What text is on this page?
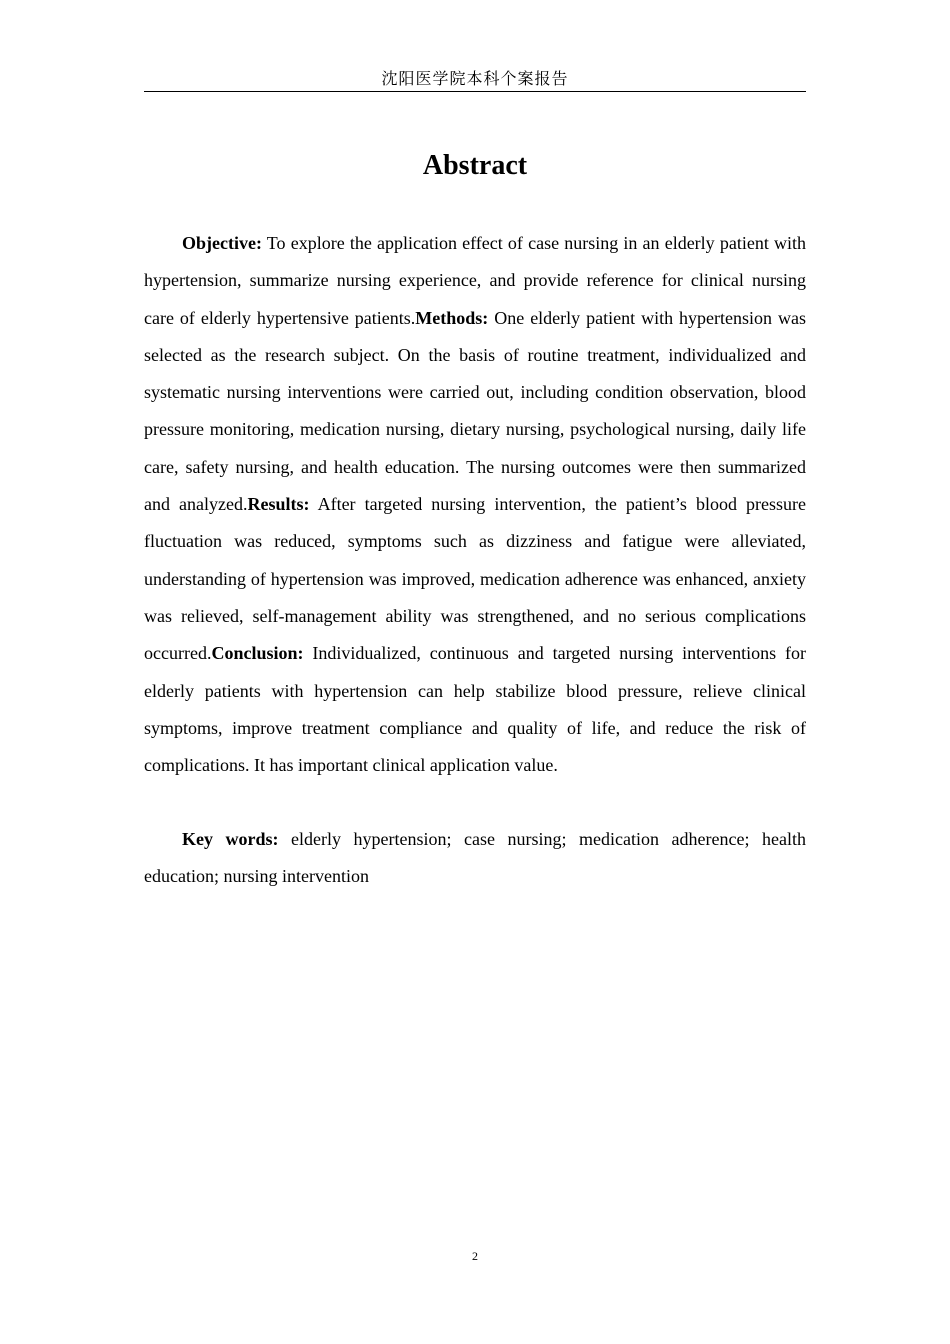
沈阳医学院本科个案报告
Abstract

Objective: To explore the application effect of case nursing in an elderly patient with hypertension, summarize nursing experience, and provide reference for clinical nursing care of elderly hypertensive patients.Methods: One elderly patient with hypertension was selected as the research subject. On the basis of routine treatment, individualized and systematic nursing interventions were carried out, including condition observation, blood pressure monitoring, medication nursing, dietary nursing, psychological nursing, daily life care, safety nursing, and health education. The nursing outcomes were then summarized and analyzed.Results: After targeted nursing intervention, the patient’s blood pressure fluctuation was reduced, symptoms such as dizziness and fatigue were alleviated, understanding of hypertension was improved, medication adherence was enhanced, anxiety was relieved, self-management ability was strengthened, and no serious complications occurred.Conclusion: Individualized, continuous and targeted nursing interventions for elderly patients with hypertension can help stabilize blood pressure, relieve clinical symptoms, improve treatment compliance and quality of life, and reduce the risk of complications. It has important clinical application value.

Key words: elderly hypertension; case nursing; medication adherence; health education; nursing intervention

2
